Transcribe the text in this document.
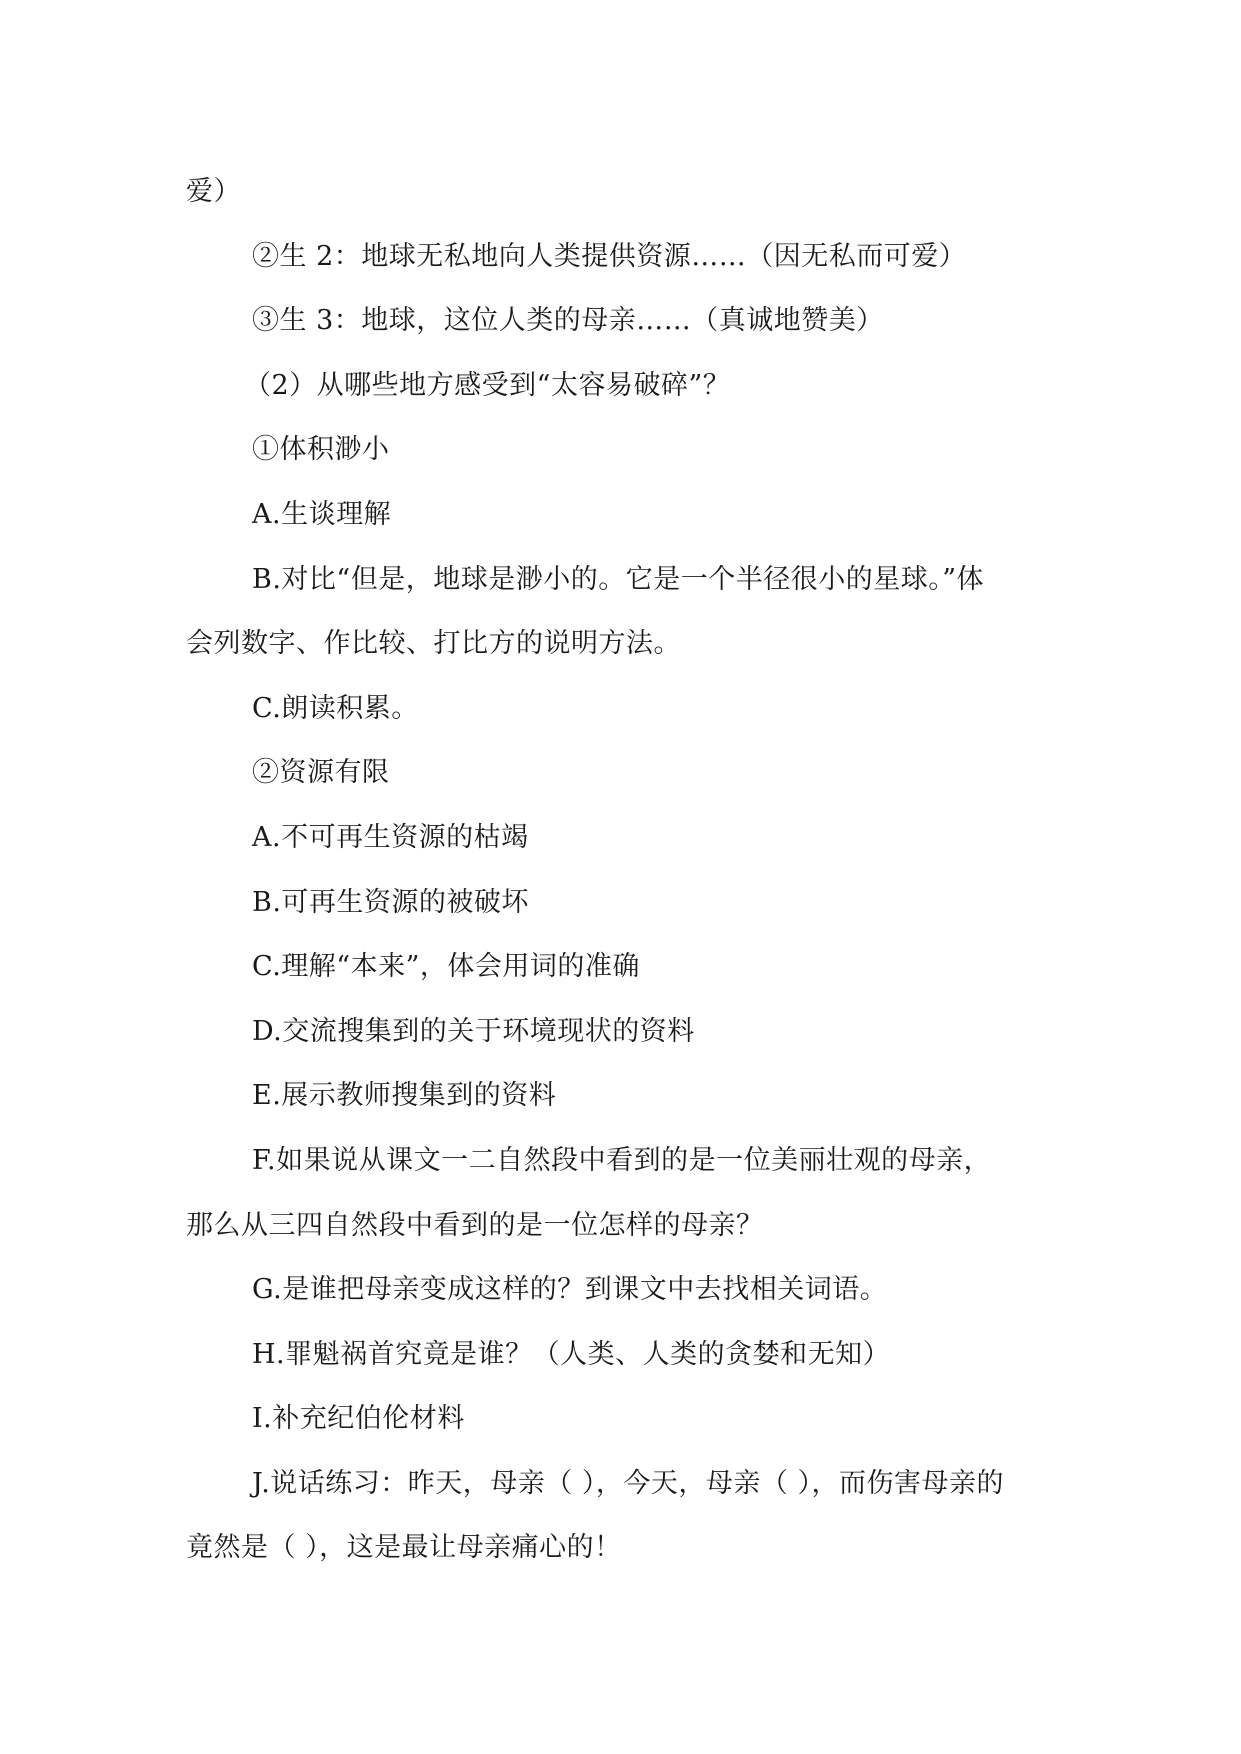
爱）
②生 2：地球无私地向人类提供资源……（因无私而可爱）
③生 3：地球，这位人类的母亲……（真诚地赞美）
（2）从哪些地方感受到“太容易破碎”？
①体积渺小
A.生谈理解
B.对比“但是，地球是渺小的。它是一个半径很小的星球。”体
会列数字、作比较、打比方的说明方法。
C.朗读积累。
②资源有限
A.不可再生资源的枯竭
B.可再生资源的被破坏
C.理解“本来”，体会用词的准确
D.交流搜集到的关于环境现状的资料
E.展示教师搜集到的资料
F.如果说从课文一二自然段中看到的是一位美丽壮观的母亲，
那么从三四自然段中看到的是一位怎样的母亲？
G.是谁把母亲变成这样的？到课文中去找相关词语。
H.罪魁祸首究竟是谁？（人类、人类的贪婪和无知）
I.补充纪伯伦材料
J.说话练习：昨天，母亲（ ），今天，母亲（ ），而伤害母亲的
竟然是（ ），这是最让母亲痛心的！
